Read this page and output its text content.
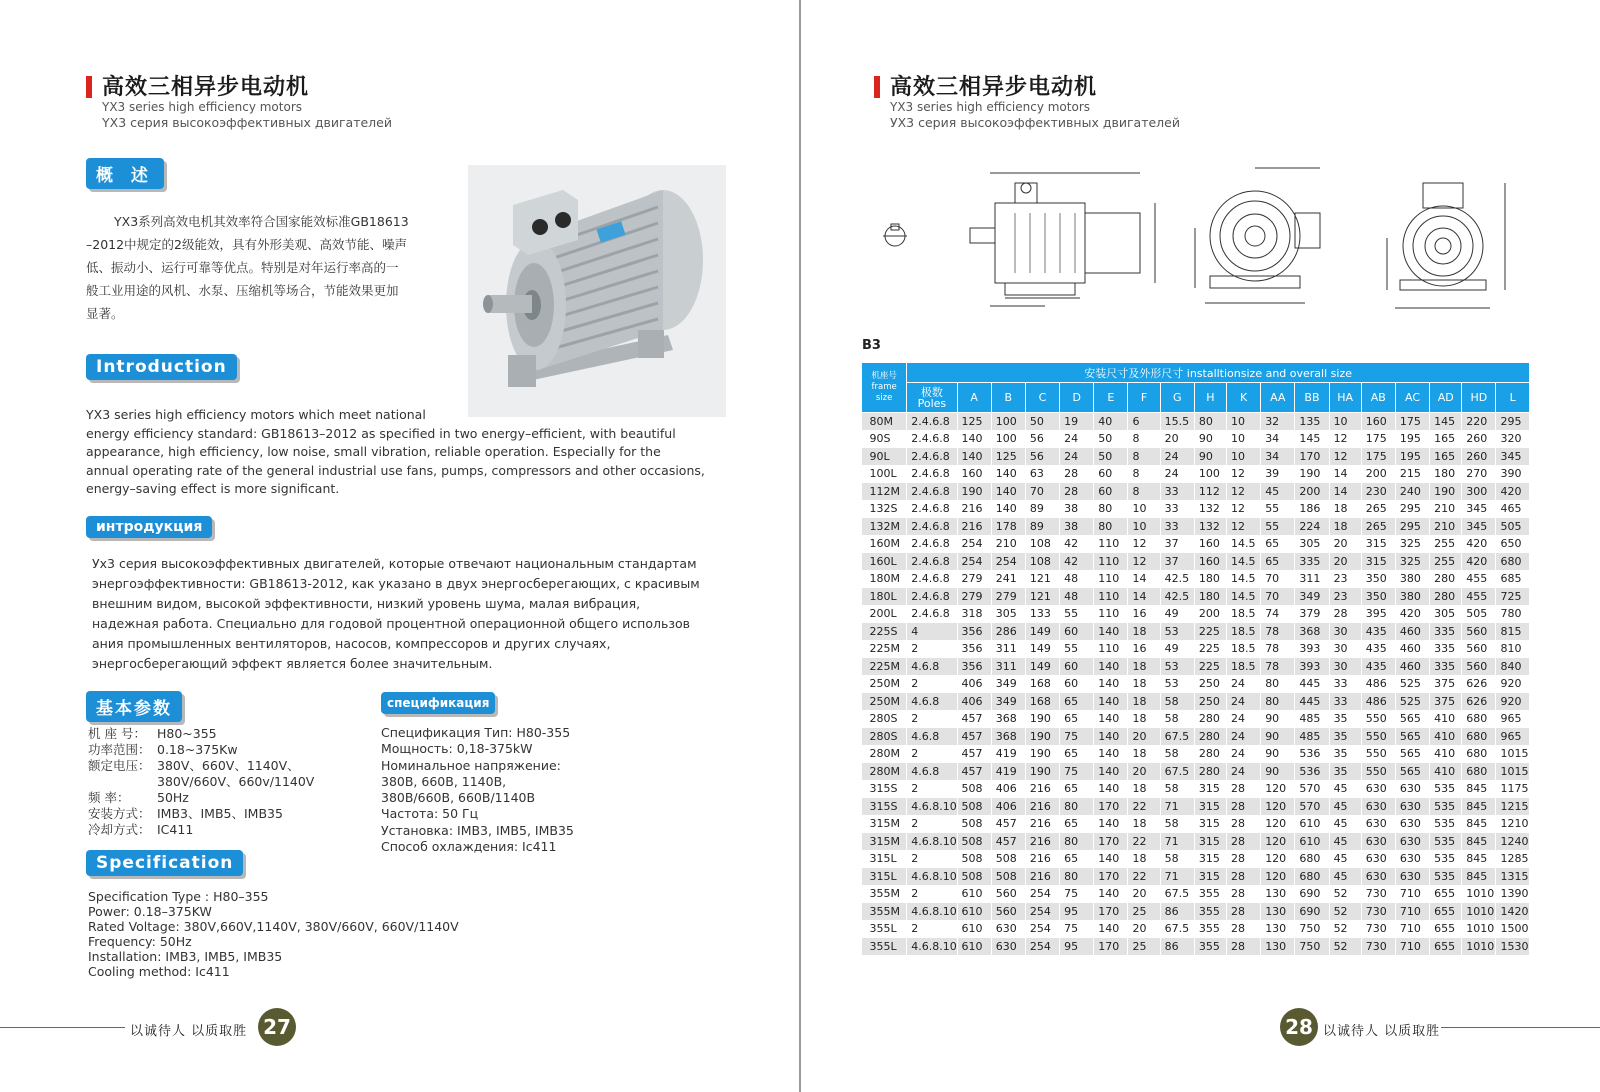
高效三相异步电动机
YX3 series high efficiency motors
YX3 серия высокоэффективных двигателей
概 述
YX3系列高效电机其效率符合国家能效标准GB18613
–2012中规定的2级能效，具有外形美观、高效节能、噪声
低、振动小、运行可靠等优点。特别是对年运行率高的一
般工业用途的风机、水泵、压缩机等场合，节能效果更加
显著。
Introduction
YX3 series high efficiency motors which meet national
energy efficiency standard: GB18613–2012 as specified in two energy–efficient, with beautiful
appearance, high efficiency, low noise, small vibration, reliable operation. Especially for the
annual operating rate of the general industrial use fans, pumps, compressors and other occasions,
energy–saving effect is more significant.
интродукция
Ух3 серия высокоэффективных двигателей, которые отвечают национальным стандартам
энергоэффективности: GB18613-2012, как указано в двух энергосберегающих, с красивым
внешним видом, высокой эффективности, низкий уровень шума, малая вибрация,
надежная работа. Специально для годовой процентной операционной общего использов
ания промышленных вентиляторов, насосов, компрессоров и других случаях,
энергосберегающий эффект является более значительным.
基本参数
机 座 号： H80~355
功率范围： 0.18~375Kw
额定电压： 380V、660V、1140V、
380V/660V、660v/1140V
频 率：	50Hz
安装方式： IMB3、IMB5、IMB35
冷却方式： IC411
спецификация
Спецификация Тип: H80-355
Мощность: 0,18-375kW
Номинальное напряжение:
380В, 660В, 1140В,
380В/660В, 660В/1140В
Частота: 50 Гц
Установка: IMB3, IMB5, IMB35
Способ охлаждения: Ic411
Specification
Specification Type : H80–355
Power: 0.18–375KW
Rated Voltage: 380V,660V,1140V, 380V/660V, 660V/1140V
Frequency: 50Hz
Installation: IMB3, IMB5, IMB35
Cooling method: Ic411
以诚待人 以质取胜 27
高效三相异步电动机
YX3 series high efficiency motors
УХ3 серия высокоэффективных двигателей
B3
机座号
frame size	安装尺寸及外形尺寸 installtionsize and overall size																	

	极数
Poles	A	B	C	D	E	F	G	H	K	AA	BB	HA	AB	AC	AD	HD	L
80M	2.4.6.8	125	100	50	19	40	6	15.5	80	10	32	135	10	160	175	145	220	295
90S	2.4.6.8	140	100	56	24	50	8	20	90	10	34	145	12	175	195	165	260	320
90L	2.4.6.8	140	125	56	24	50	8	24	90	10	34	170	12	175	195	165	260	345
100L	2.4.6.8	160	140	63	28	60	8	24	100	12	39	190	14	200	215	180	270	390
112M	2.4.6.8	190	140	70	28	60	8	33	112	12	45	200	14	230	240	190	300	420
132S	2.4.6.8	216	140	89	38	80	10	33	132	12	55	186	18	265	295	210	345	465
132M	2.4.6.8	216	178	89	38	80	10	33	132	12	55	224	18	265	295	210	345	505
160M	2.4.6.8	254	210	108	42	110	12	37	160	14.5	65	305	20	315	325	255	420	650
160L	2.4.6.8	254	254	108	42	110	12	37	160	14.5	65	335	20	315	325	255	420	680
180M	2.4.6.8	279	241	121	48	110	14	42.5	180	14.5	70	311	23	350	380	280	455	685
180L	2.4.6.8	279	279	121	48	110	14	42.5	180	14.5	70	349	23	350	380	280	455	725
200L	2.4.6.8	318	305	133	55	110	16	49	200	18.5	74	379	28	395	420	305	505	780
225S	4	356	286	149	60	140	18	53	225	18.5	78	368	30	435	460	335	560	815
225M	2	356	311	149	55	110	16	49	225	18.5	78	393	30	435	460	335	560	810
225M	4.6.8	356	311	149	60	140	18	53	225	18.5	78	393	30	435	460	335	560	840
250M	2	406	349	168	60	140	18	53	250	24	80	445	33	486	525	375	626	920
250M	4.6.8	406	349	168	65	140	18	58	250	24	80	445	33	486	525	375	626	920
280S	2	457	368	190	65	140	18	58	280	24	90	485	35	550	565	410	680	965
280S	4.6.8	457	368	190	75	140	20	67.5	280	24	90	485	35	550	565	410	680	965
280M	2	457	419	190	65	140	18	58	280	24	90	536	35	550	565	410	680	1015
280M	4.6.8	457	419	190	75	140	20	67.5	280	24	90	536	35	550	565	410	680	1015
315S	2	508	406	216	65	140	18	58	315	28	120	570	45	630	630	535	845	1175
315S	4.6.8.10	508	406	216	80	170	22	71	315	28	120	570	45	630	630	535	845	1215
315M	2	508	457	216	65	140	18	58	315	28	120	610	45	630	630	535	845	1210
315M	4.6.8.10	508	457	216	80	170	22	71	315	28	120	610	45	630	630	535	845	1240
315L	2	508	508	216	65	140	18	58	315	28	120	680	45	630	630	535	845	1285
315L	4.6.8.10	508	508	216	80	170	22	71	315	28	120	680	45	630	630	535	845	1315
355M	2	610	560	254	75	140	20	67.5	355	28	130	690	52	730	710	655	1010	1390
355M	4.6.8.10	610	560	254	95	170	25	86	355	28	130	690	52	730	710	655	1010	1420
355L	2	610	630	254	75	140	20	67.5	355	28	130	750	52	730	710	655	1010	1500
355L	4.6.8.10	610	630	254	95	170	25	86	355	28	130	750	52	730	710	655	1010	1530
28 以诚待人 以质取胜
